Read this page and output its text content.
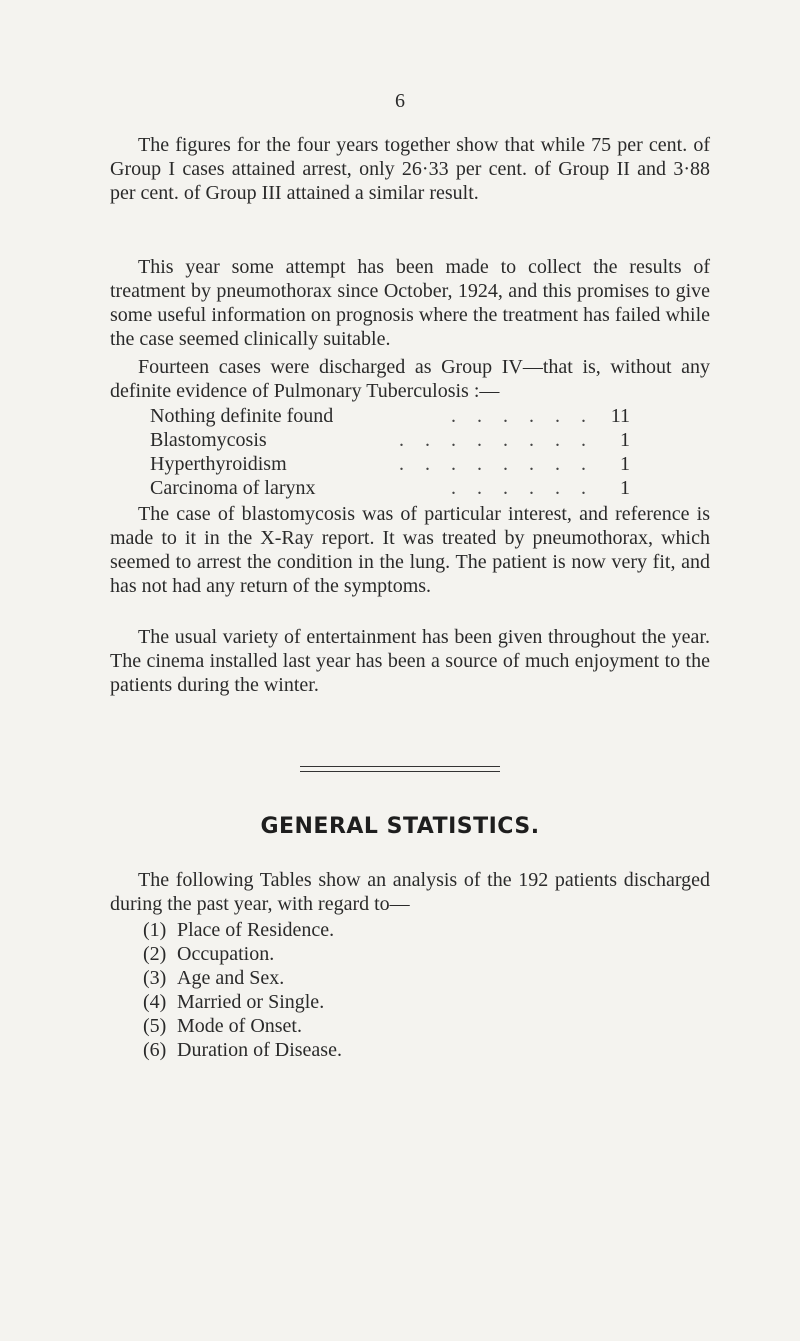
6

The figures for the four years together show that while 75 per cent. of Group I cases attained arrest, only 26·33 per cent. of Group II and 3·88 per cent. of Group III attained a similar result.

This year some attempt has been made to collect the results of treatment by pneumothorax since October, 1924, and this promises to give some useful information on prognosis where the treatment has failed while the case seemed clinically suitable.

Fourteen cases were discharged as Group IV—that is, without any definite evidence of Pulmonary Tuberculosis :—

Nothing definite found	. . . . . . 11
Blastomycosis	. . . . . . . .	1
Hyperthyroidism	. . . . . . . .	1
Carcinoma of larynx	. . . . . .	1

The case of blastomycosis was of particular interest, and reference is made to it in the X-Ray report. It was treated by pneumothorax, which seemed to arrest the condition in the lung. The patient is now very fit, and has not had any return of the symptoms.

The usual variety of entertainment has been given throughout the year. The cinema installed last year has been a source of much enjoyment to the patients during the winter.

GENERAL STATISTICS.

The following Tables show an analysis of the 192 patients discharged during the past year, with regard to—

(1) Place of Residence.
(2) Occupation.
(3) Age and Sex.
(4) Married or Single.
(5) Mode of Onset.
(6) Duration of Disease.
